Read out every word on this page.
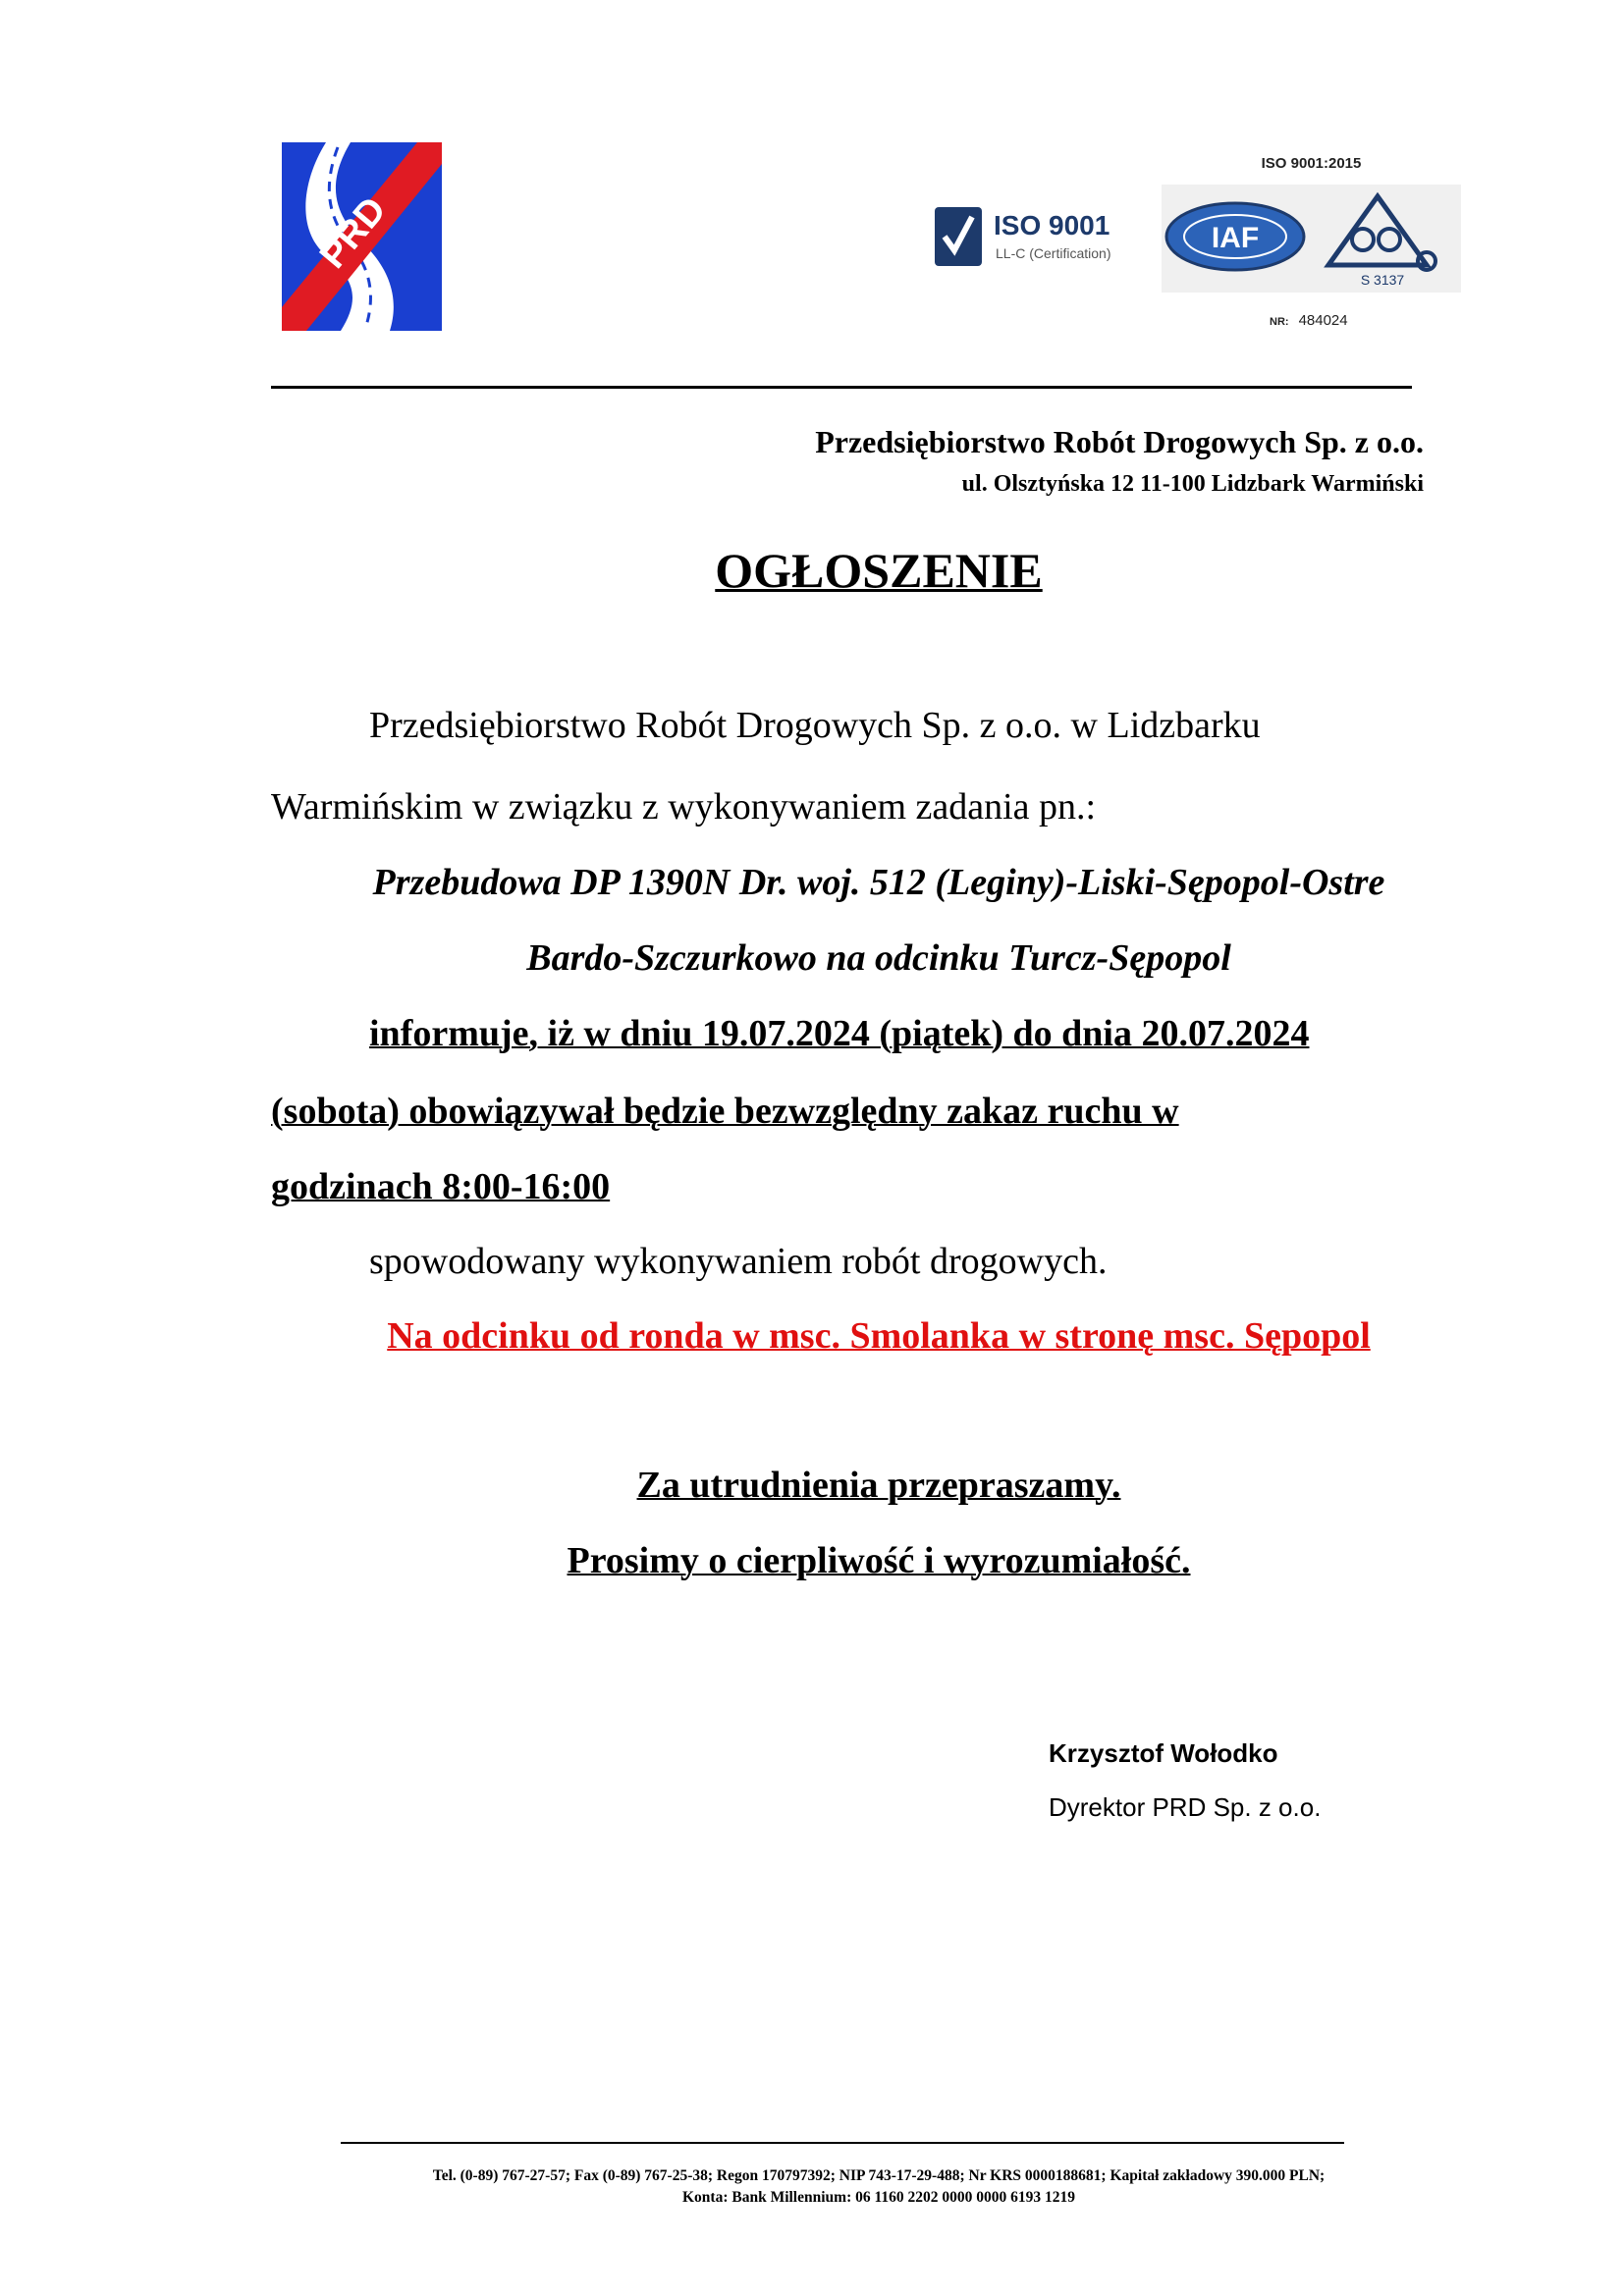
PRD	ISO 9001
LL-C (Certification)
ISO 9001:2015
IAF
S 3137
NR: 484024
Przedsiębiorstwo Robót Drogowych Sp. z o.o.
ul. Olsztyńska 12 11-100 Lidzbark Warmiński
OGŁOSZENIE
Przedsiębiorstwo Robót Drogowych Sp. z o.o. w Lidzbarku
Warmińskim w związku z wykonywaniem zadania pn.:
Przebudowa DP 1390N Dr. woj. 512 (Leginy)-Liski-Sępopol-Ostre
Bardo-Szczurkowo na odcinku Turcz-Sępopol
informuje, iż w dniu 19.07.2024 (piątek) do dnia 20.07.2024
(sobota) obowiązywał będzie bezwzględny zakaz ruchu w
godzinach 8:00-16:00
spowodowany wykonywaniem robót drogowych.
Na odcinku od ronda w msc. Smolanka w stronę msc. Sępopol
Za utrudnienia przepraszamy.
Prosimy o cierpliwość i wyrozumiałość.
Krzysztof Wołodko
Dyrektor PRD Sp. z o.o.
Tel. (0-89) 767-27-57; Fax (0-89) 767-25-38; Regon 170797392; NIP 743-17-29-488; Nr KRS 0000188681; Kapitał zakładowy 390.000 PLN;
Konta: Bank Millennium: 06 1160 2202 0000 0000 6193 1219
